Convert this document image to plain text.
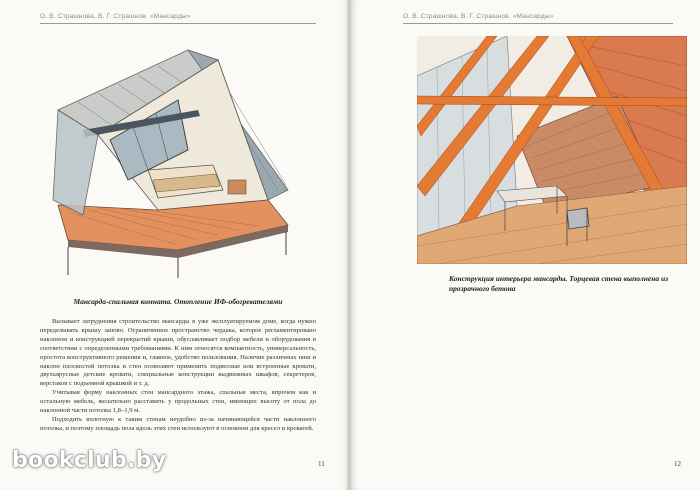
О. В. Страшнова, В. Г. Страшнов. «Мансарды»
Мансарда-спальная комната. Отопление ИФ-обогревателями

Вызывает затруднения строительство мансарды в уже эксплуатируемом доме, когда нужно переделывать крышу заново. Ограниченное пространство чердака, которое регламентировано наклоном и конструкцией перекрытий крыши, обуславливает подбор мебели и оборудования в соответствии с определенными требованиями. К ним относятся компактность, универсальность, простота конструктивного решения и, главное, удобство пользования. Наличие различных ниш и наклон плоскостей потолка и стен позволяют применить подвесные или встроенные кровати, двухъярусные детские кровати, специальные конструкции выдвижных шкафов, секретеров, верстаков с подъемной крышкой и т. д.

Учитывая форму наклонных стен мансардного этажа, спальные места, впрочем как и остальную мебель, желательно расставить у продольных стен, имеющих высоту от пола до наклонной части потолка 1,8–1,9 м.

Подходить вплотную к таким стенам неудобно из-за начинающейся части наклонного потолка, и поэтому площадь пола вдоль этих стен используют в основном для кресел и кроватей.

11
О. В. Страшнова, В. Г. Страшнов. «Мансарды»
Конструкция интерьера мансарды. Торцевая стена выполнена из прозрачного бетона
12
bookclub.by
